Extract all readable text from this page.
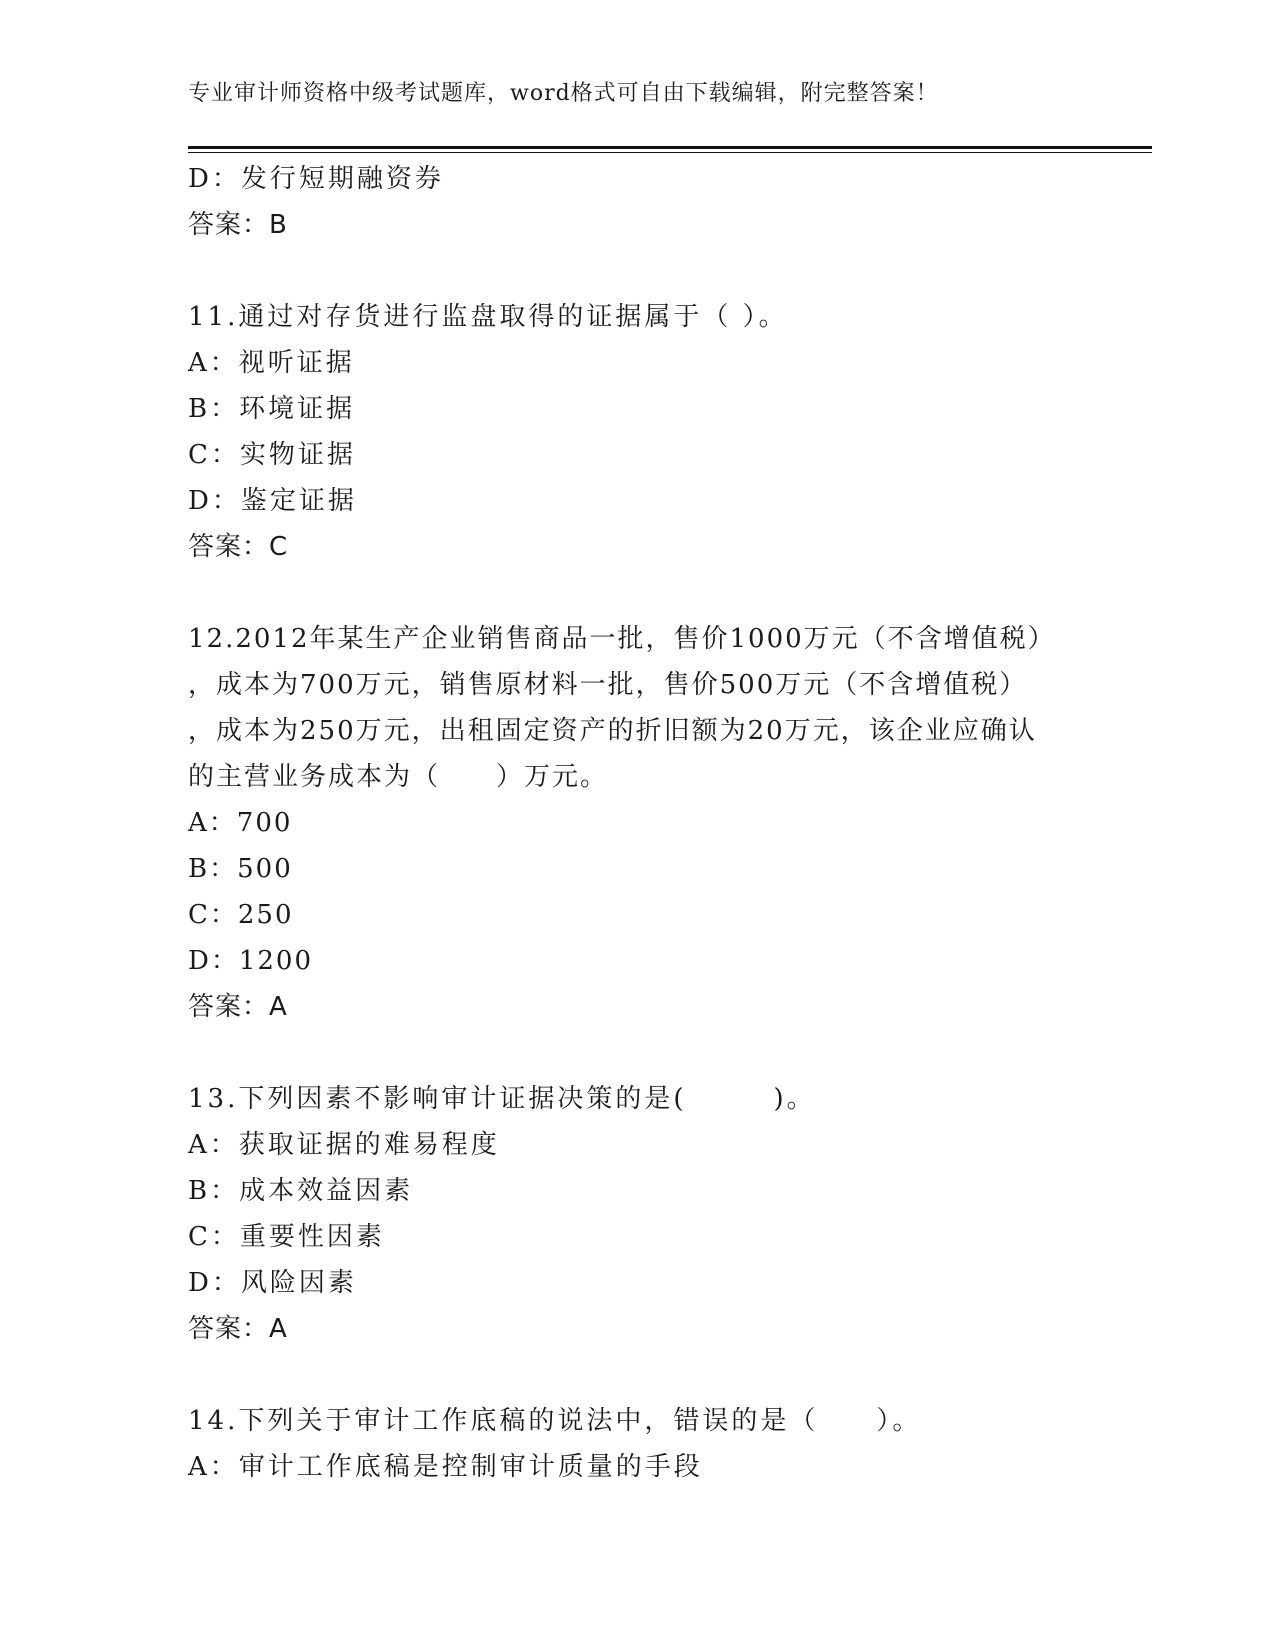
专业审计师资格中级考试题库，word格式可自由下载编辑，附完整答案！
D：发行短期融资券
答案：B
11.通过对存货进行监盘取得的证据属于（ ）。
A：视听证据
B：环境证据
C：实物证据
D：鉴定证据
答案：C
12.2012年某生产企业销售商品一批，售价1000万元（不含增值税）
，成本为700万元，销售原材料一批，售价500万元（不含增值税）
，成本为250万元，出租固定资产的折旧额为20万元，该企业应确认
的主营业务成本为（　　）万元。
A：700
B：500
C：250
D：1200
答案：A
13.下列因素不影响审计证据决策的是(　　　)。
A：获取证据的难易程度
B：成本效益因素
C：重要性因素
D：风险因素
答案：A
14.下列关于审计工作底稿的说法中，错误的是（　　）。
A：审计工作底稿是控制审计质量的手段
